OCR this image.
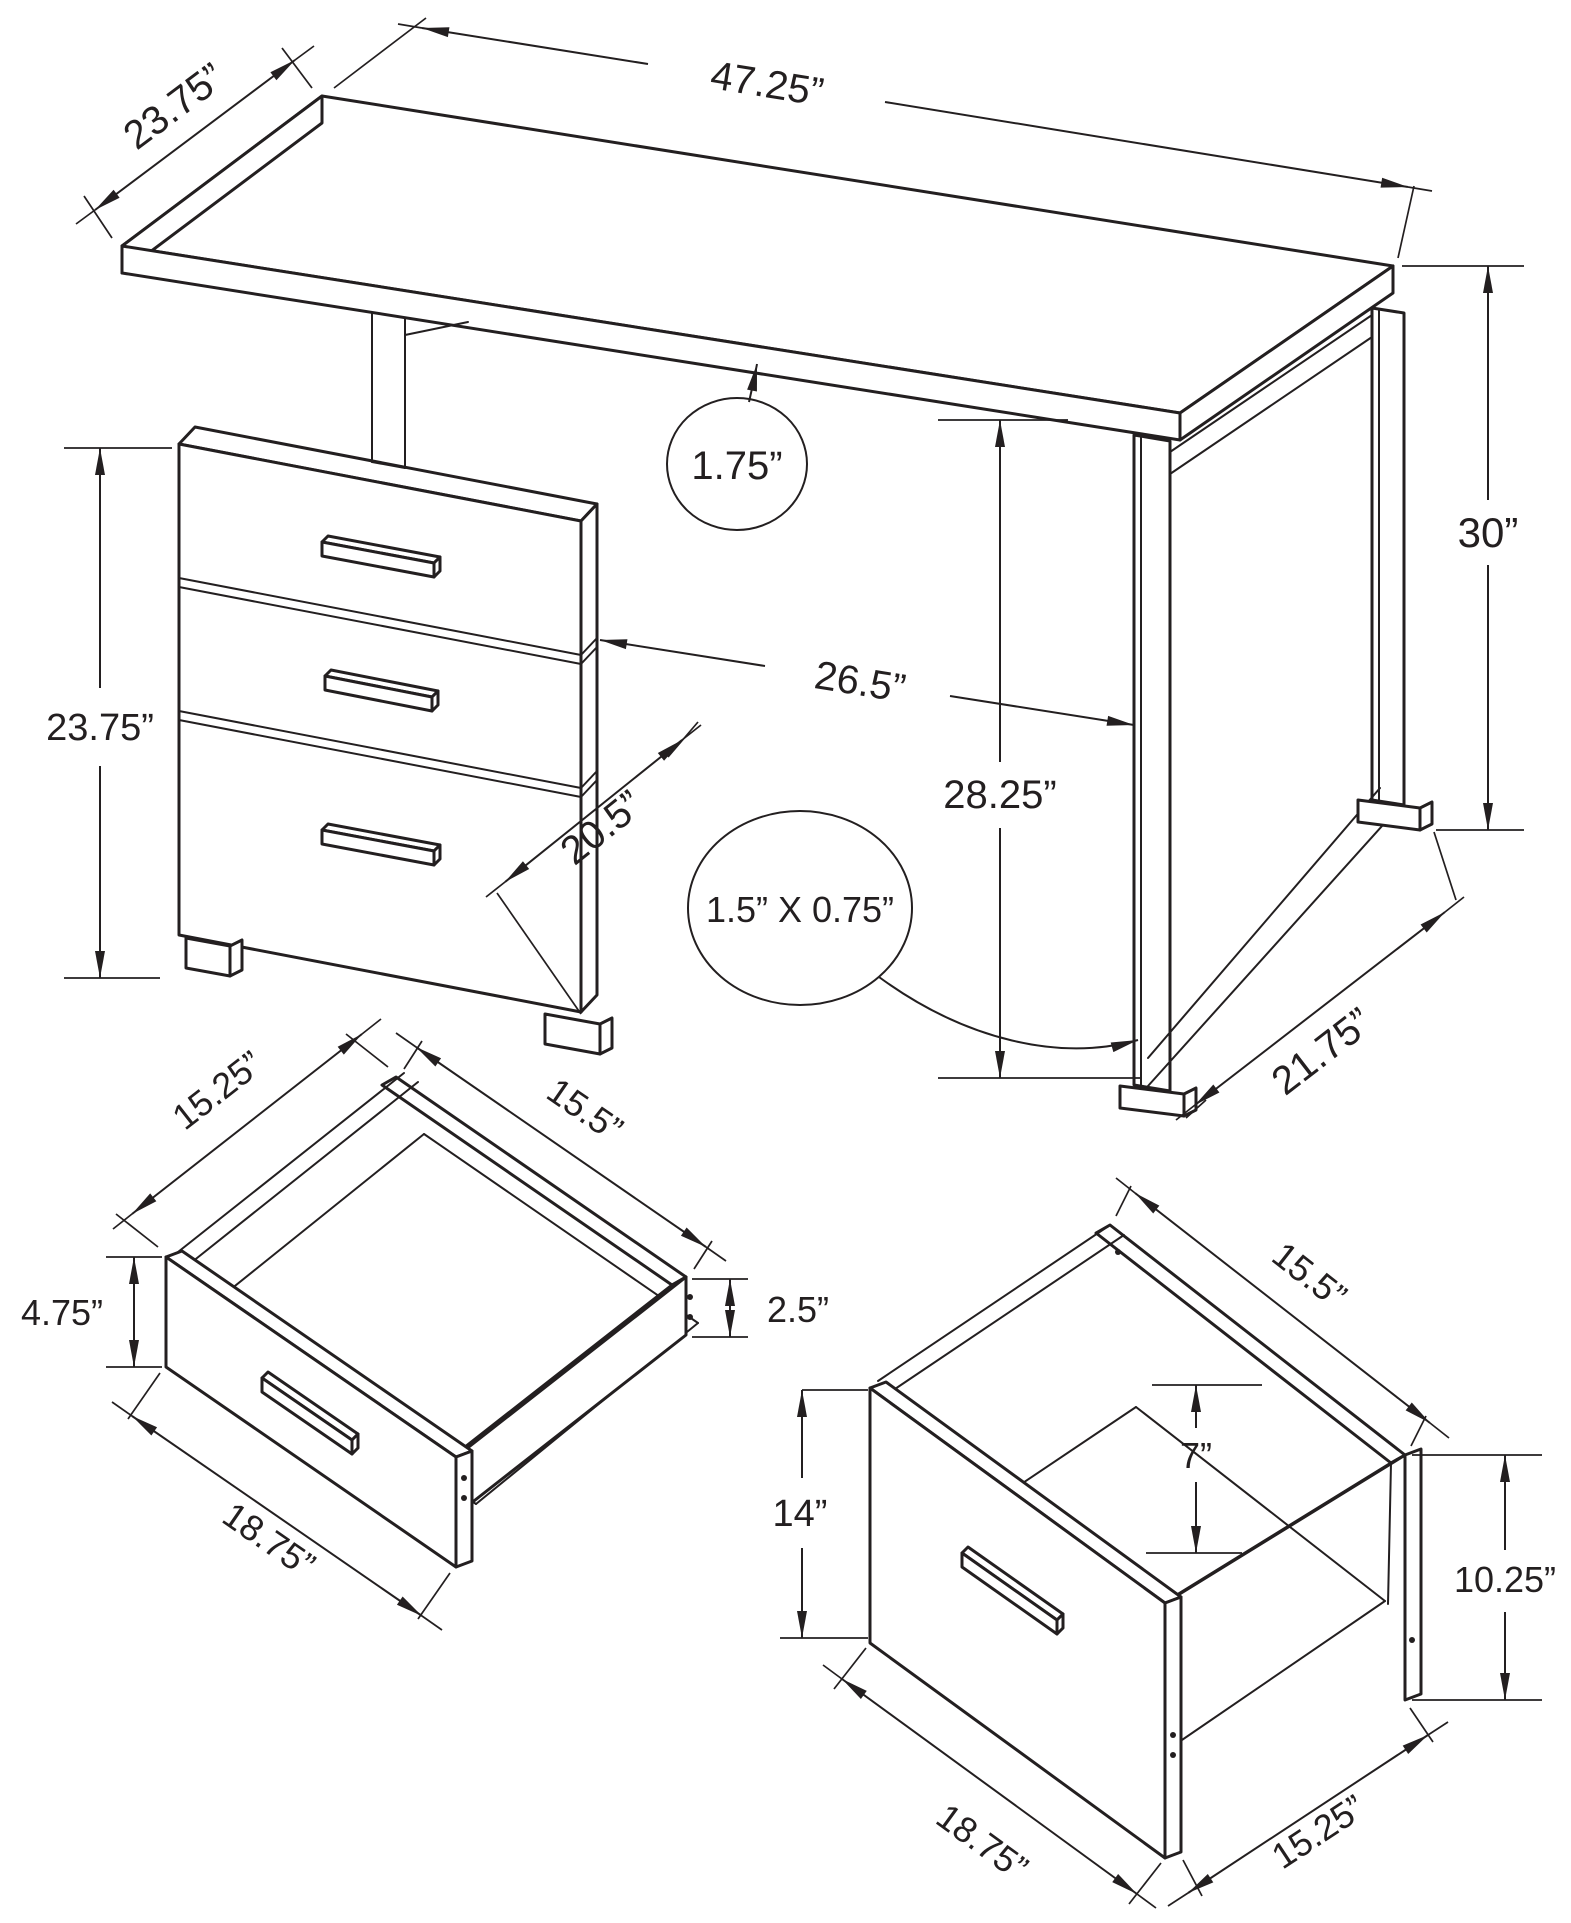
47.25”
23.75”
30”
23.75”
1.75”
26.5”
28.25”
20.5”
1.5” X 0.75”
21.75”
15.25”	15.5”
4.75”	2.5”
18.75”
15.5”
7”
14”
10.25”
18.75”	15.25”
